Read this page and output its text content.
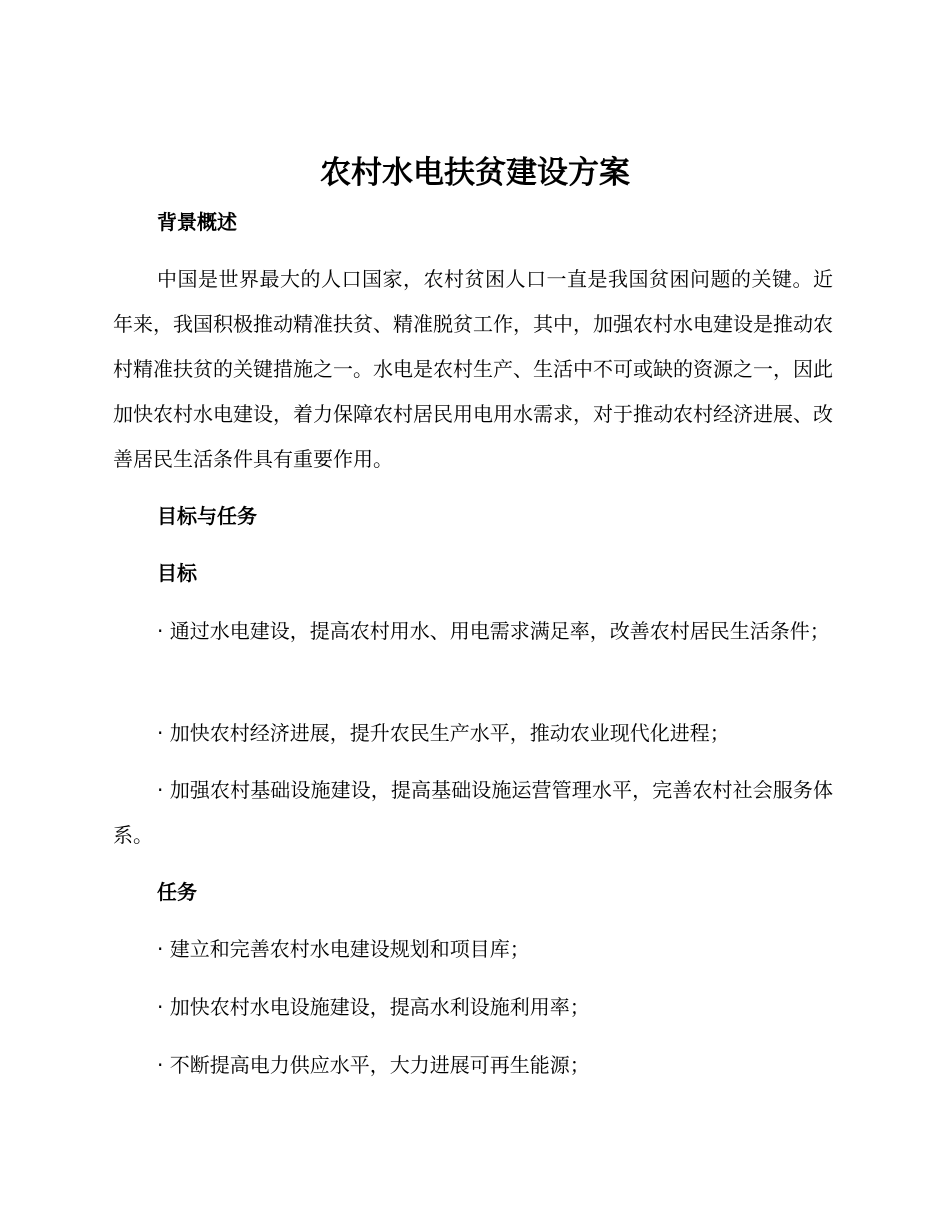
农村水电扶贫建设方案
背景概述

中国是世界最大的人口国家，农村贫困人口一直是我国贫困问题的关键。近年来，我国积极推动精准扶贫、精准脱贫工作，其中，加强农村水电建设是推动农村精准扶贫的关键措施之一。水电是农村生产、生活中不可或缺的资源之一，因此加快农村水电建设，着力保障农村居民用电用水需求，对于推动农村经济进展、改善居民生活条件具有重要作用。

目标与任务
目标

· 通过水电建设，提高农村用水、用电需求满足率，改善农村居民生活条件；

· 加快农村经济进展，提升农民生产水平，推动农业现代化进程；

· 加强农村基础设施建设，提高基础设施运营管理水平，完善农村社会服务体系。

任务

· 建立和完善农村水电建设规划和项目库；

· 加快农村水电设施建设，提高水利设施利用率；

· 不断提高电力供应水平，大力进展可再生能源；
